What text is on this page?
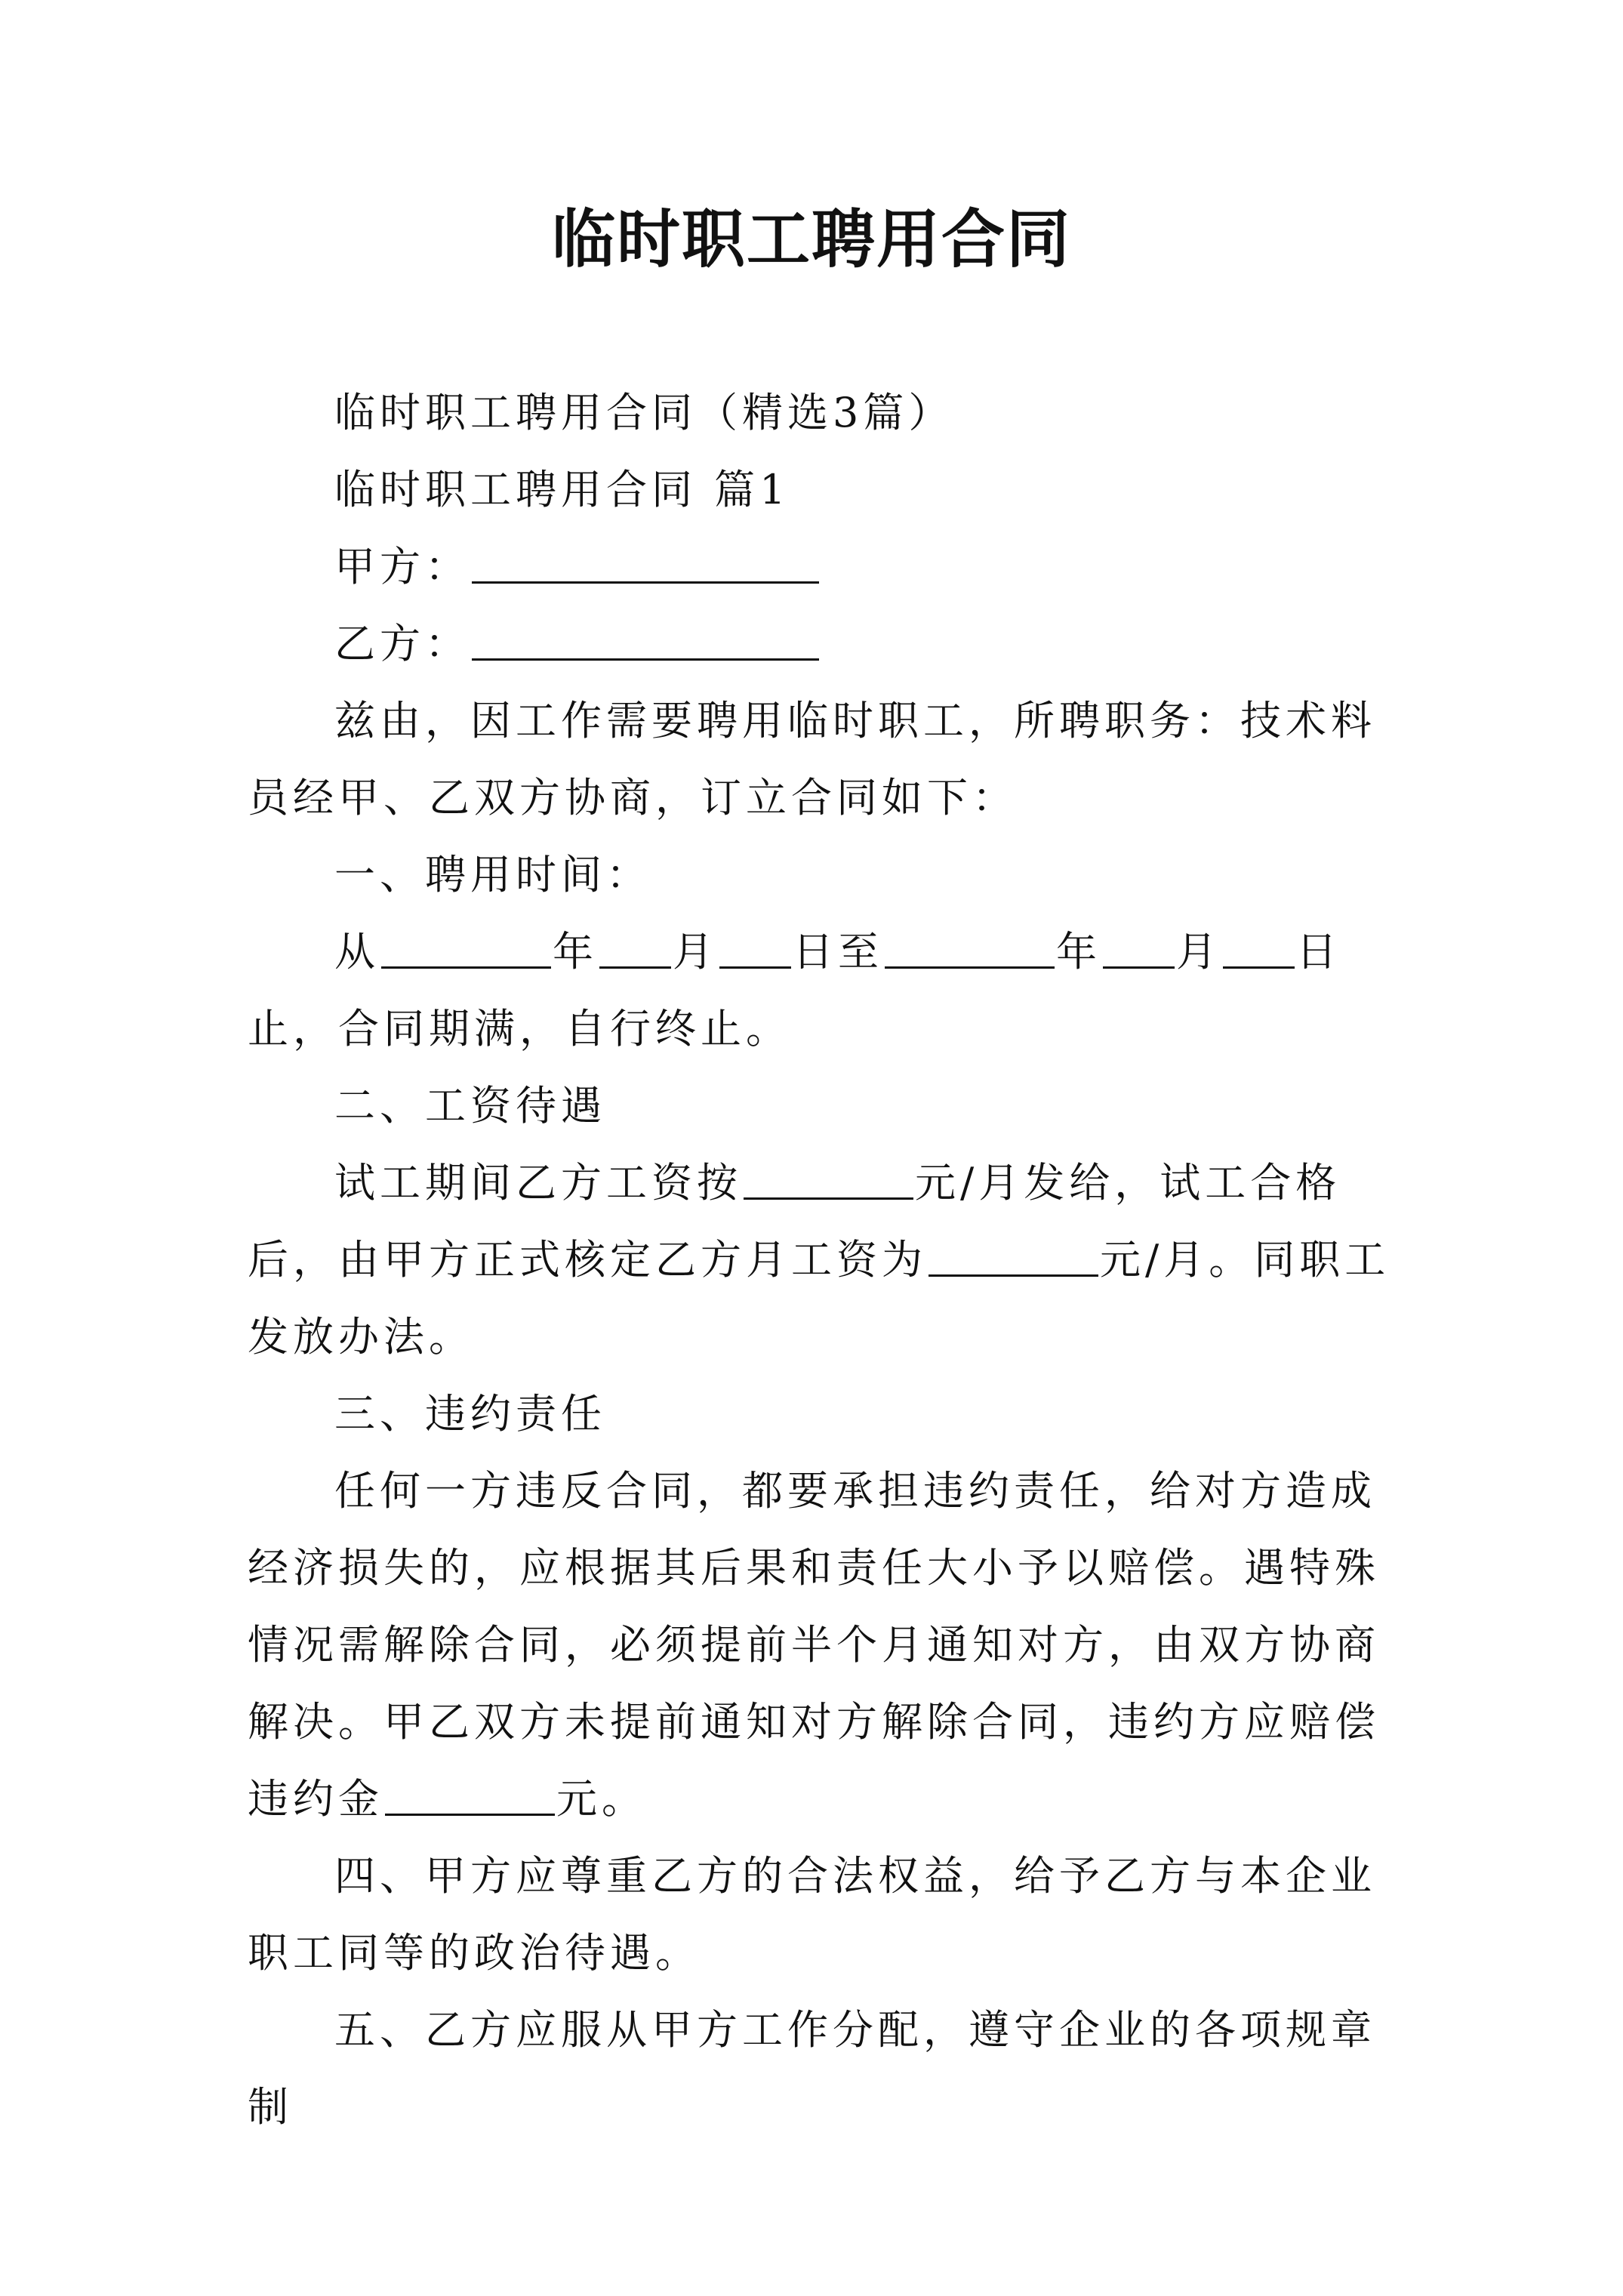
临时职工聘用合同

临时职工聘用合同（精选3篇）

临时职工聘用合同 篇1

甲方：

乙方：

兹由，因工作需要聘用临时职工，所聘职务：技术料员经甲、乙双方协商，订立合同如下：

一、聘用时间：

从	年 月 日至	年 月 日止，合同期满，自行终止。

二、工资待遇

试工期间乙方工资按	元/月发给，试工合格后，由甲方正式核定乙方月工资为	元/月。同职工发放办法。

三、违约责任

任何一方违反合同，都要承担违约责任，给对方造成经济损失的，应根据其后果和责任大小予以赔偿。遇特殊情况需解除合同，必须提前半个月通知对方，由双方协商解决。甲乙双方未提前通知对方解除合同，违约方应赔偿违约金	元。

四、甲方应尊重乙方的合法权益，给予乙方与本企业职工同等的政治待遇。

五、乙方应服从甲方工作分配，遵守企业的各项规章制
